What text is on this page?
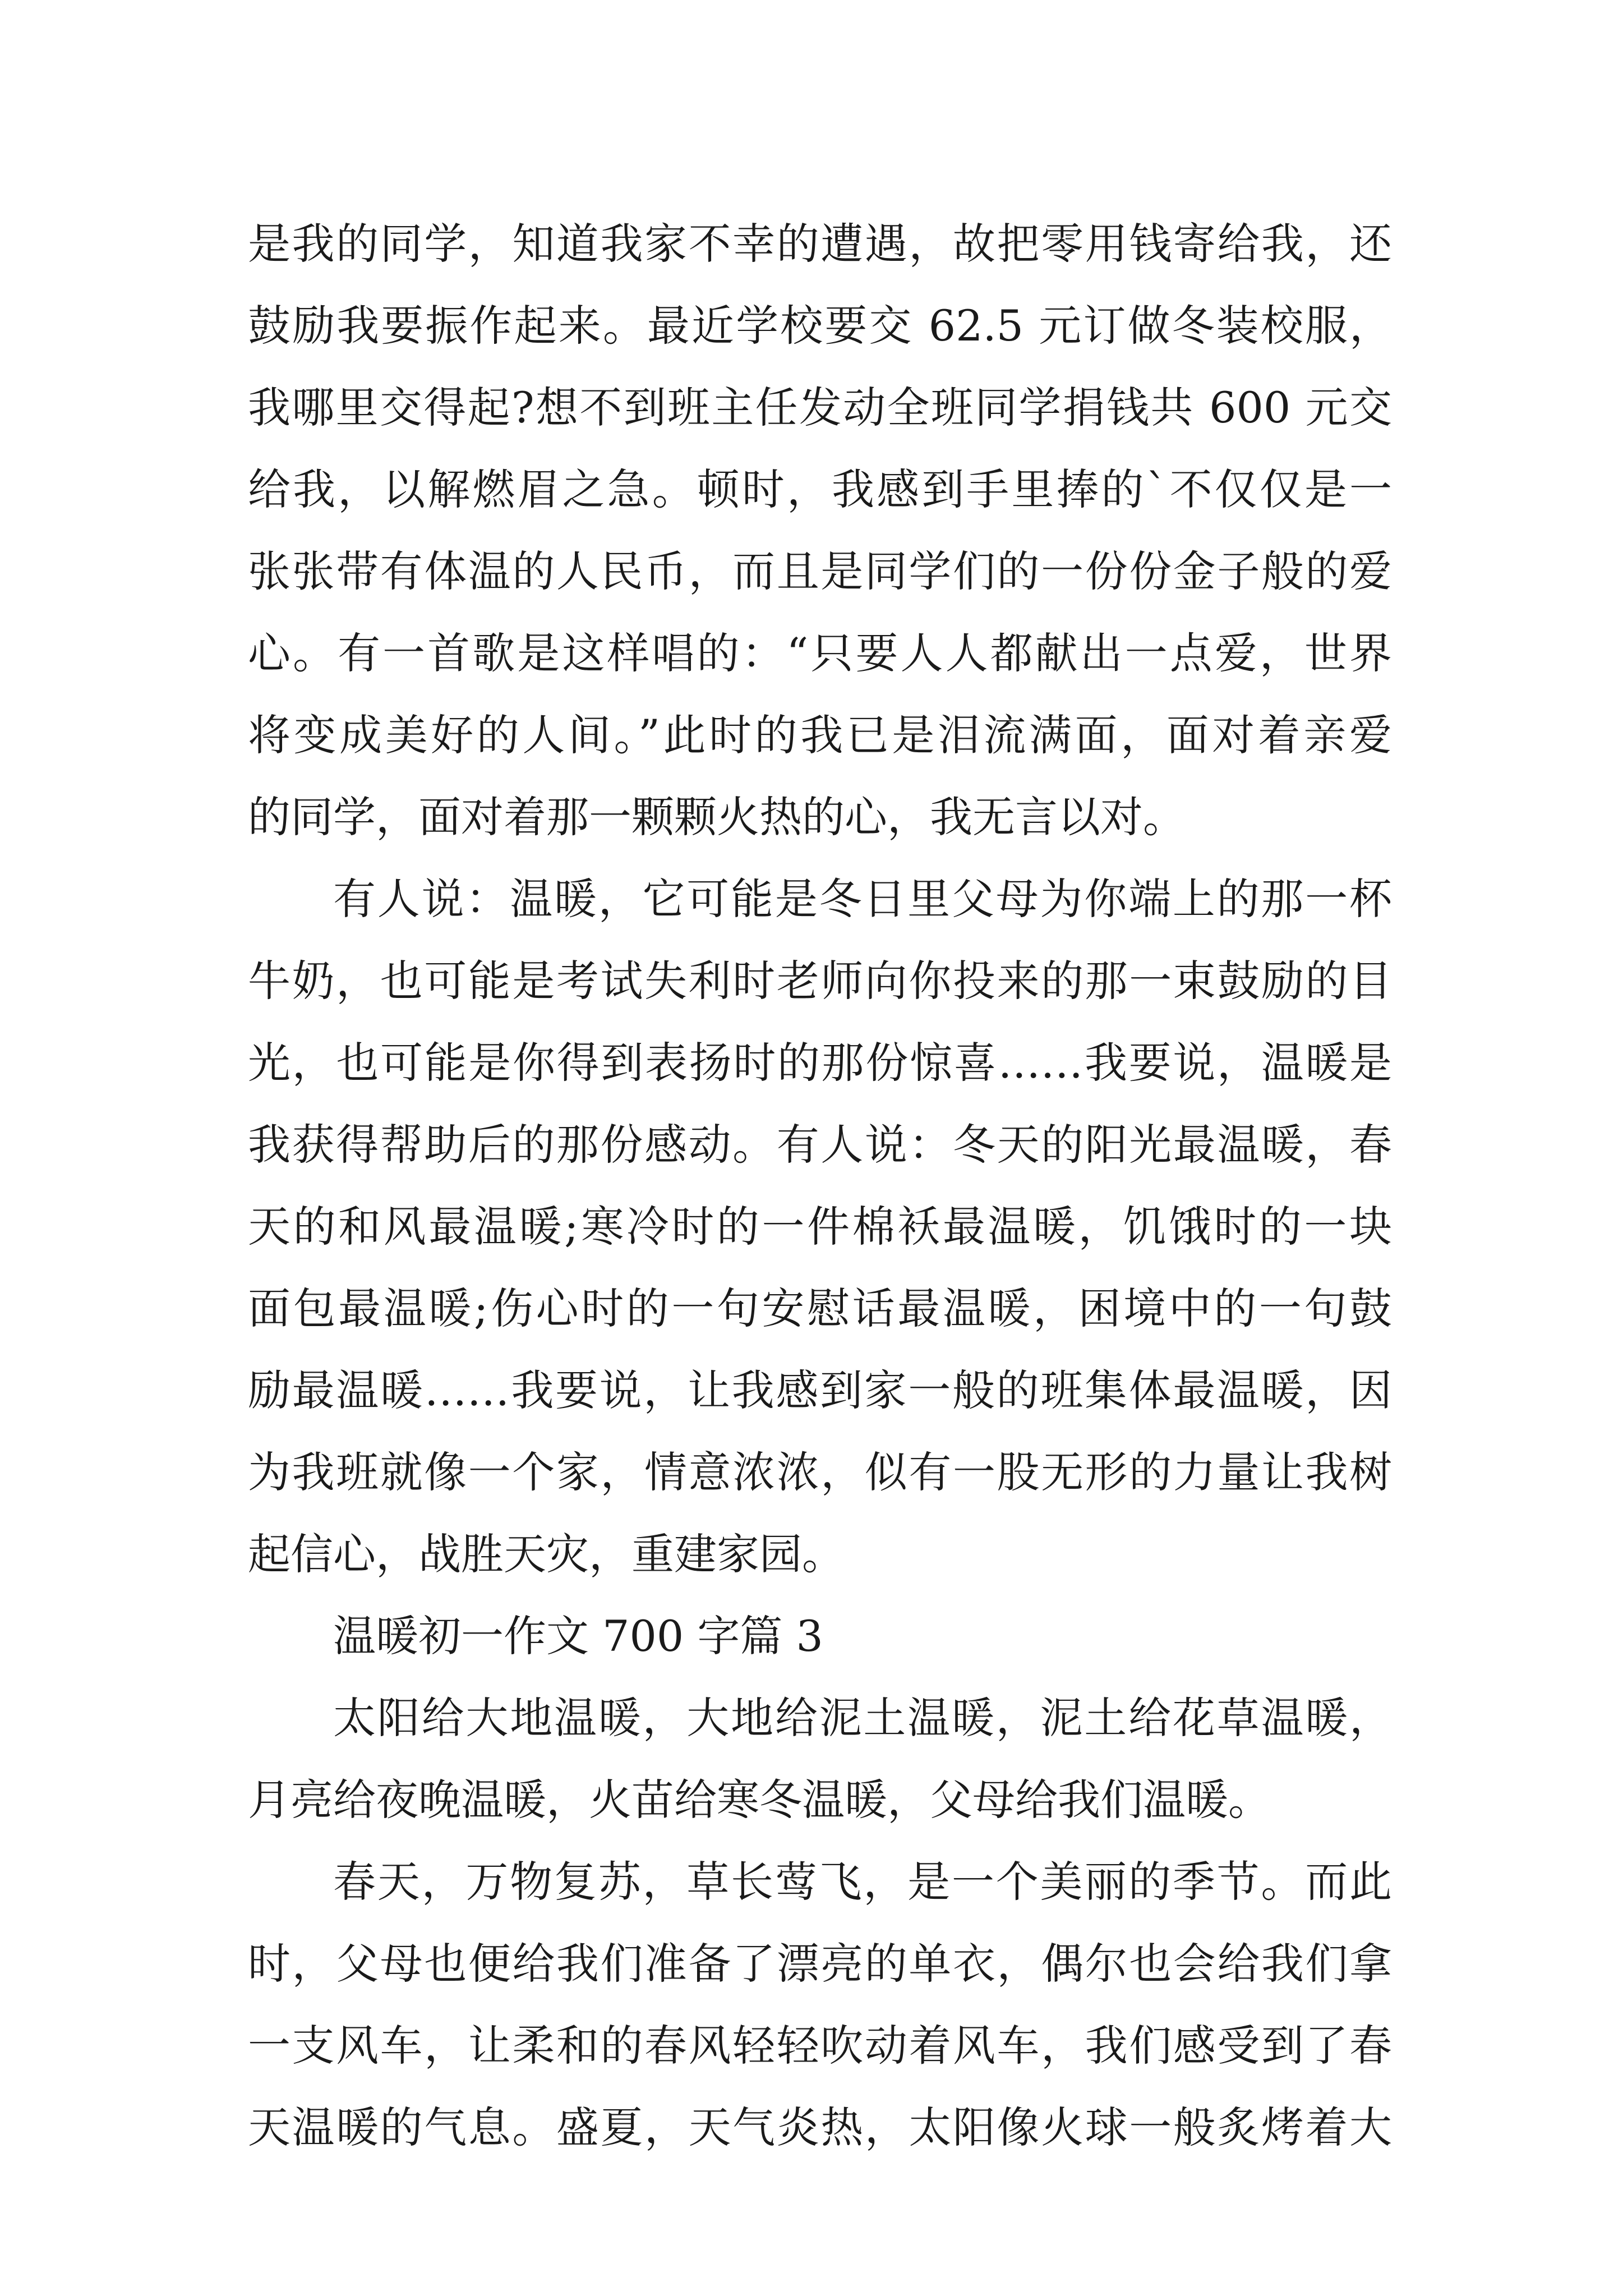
是我的同学，知道我家不幸的遭遇，故把零用钱寄给我，还
鼓励我要振作起来。最近学校要交 62.5 元订做冬装校服，
我哪里交得起?想不到班主任发动全班同学捐钱共 600 元交
给我，以解燃眉之急。顿时，我感到手里捧的`不仅仅是一
张张带有体温的人民币，而且是同学们的一份份金子般的爱
心。有一首歌是这样唱的：“只要人人都献出一点爱，世界
将变成美好的人间。”此时的我已是泪流满面，面对着亲爱
的同学，面对着那一颗颗火热的心，我无言以对。
有人说：温暖，它可能是冬日里父母为你端上的那一杯
牛奶，也可能是考试失利时老师向你投来的那一束鼓励的目
光，也可能是你得到表扬时的那份惊喜……我要说，温暖是
我获得帮助后的那份感动。有人说：冬天的阳光最温暖，春
天的和风最温暖;寒冷时的一件棉袄最温暖，饥饿时的一块
面包最温暖;伤心时的一句安慰话最温暖，困境中的一句鼓
励最温暖……我要说，让我感到家一般的班集体最温暖，因
为我班就像一个家，情意浓浓，似有一股无形的力量让我树
起信心，战胜天灾，重建家园。
温暖初一作文 700 字篇 3
太阳给大地温暖，大地给泥土温暖，泥土给花草温暖，
月亮给夜晚温暖，火苗给寒冬温暖，父母给我们温暖。
春天，万物复苏，草长莺飞，是一个美丽的季节。而此
时，父母也便给我们准备了漂亮的单衣，偶尔也会给我们拿
一支风车，让柔和的春风轻轻吹动着风车，我们感受到了春
天温暖的气息。盛夏，天气炎热，太阳像火球一般炙烤着大
